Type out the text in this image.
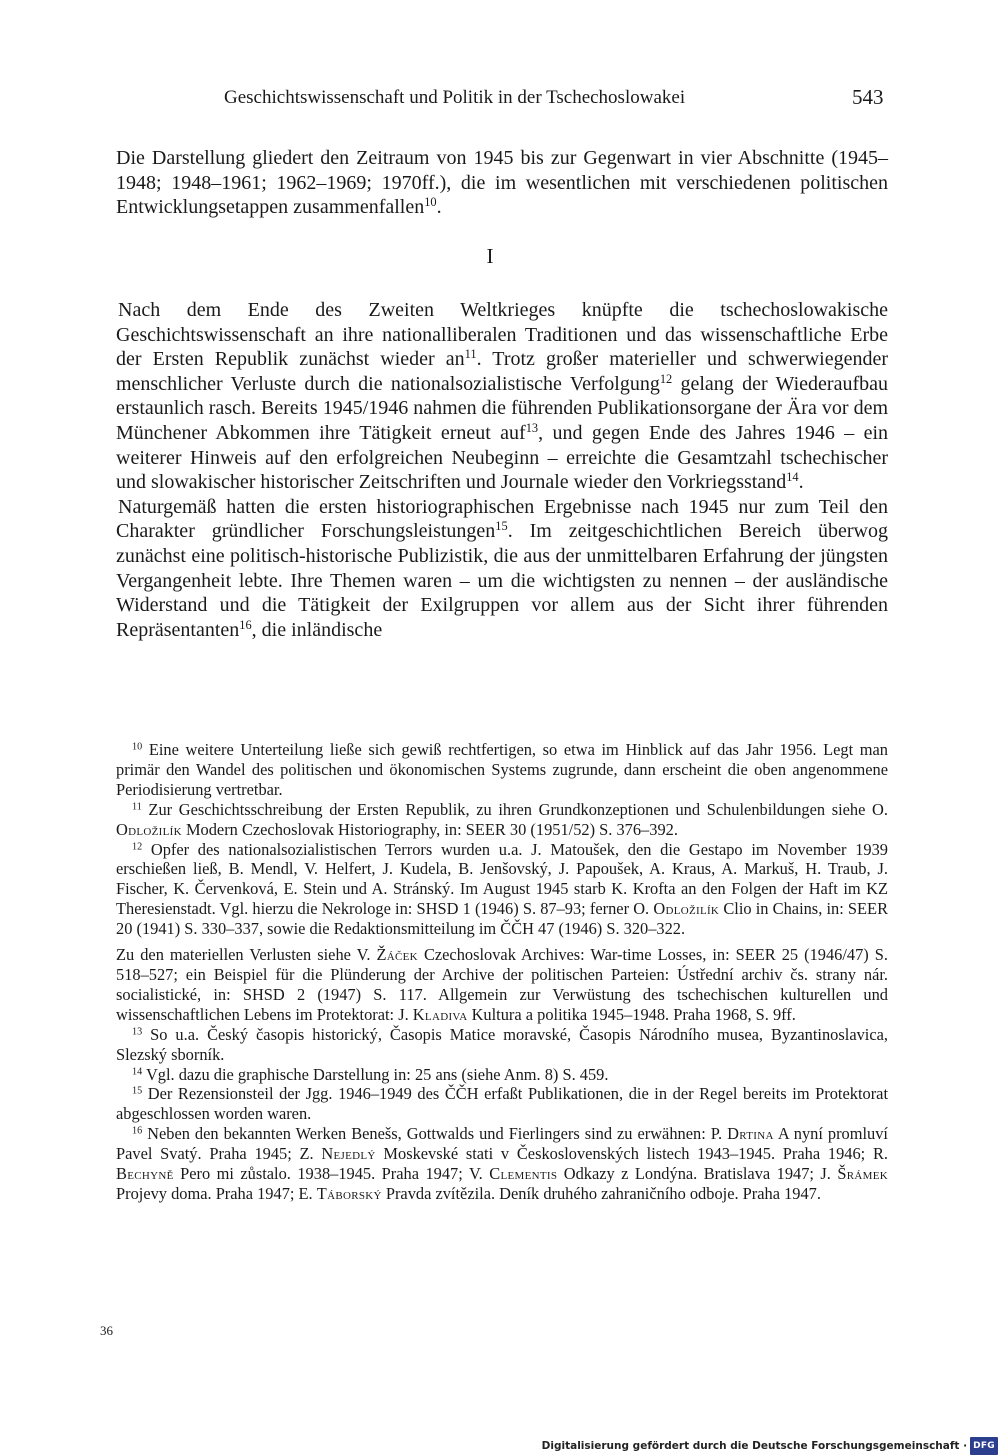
Geschichtswissenschaft und Politik in der Tschechoslowakei	543

Die Darstellung gliedert den Zeitraum von 1945 bis zur Gegenwart in vier Abschnitte (1945–1948; 1948–1961; 1962–1969; 1970ff.), die im wesentlichen mit verschiedenen politischen Entwicklungsetappen zusammenfallen$^{10}$.

I

Nach dem Ende des Zweiten Weltkrieges knüpfte die tschechoslowakische Geschichtswissenschaft an ihre nationalliberalen Traditionen und das wissenschaftliche Erbe der Ersten Republik zunächst wieder $an^{11}$. Trotz großer materieller und schwerwiegender menschlicher Verluste durch die nationalsozialistische Verfolgung$^{12}$ gelang der Wiederaufbau erstaunlich rasch. Bereits 1945/1946 nahmen die führenden Publikationsorgane der Ära vor dem Münchener Abkommen ihre Tätigkeit erneut auf$^{13}$, und gegen Ende des Jahres 1946 – ein weiterer Hinweis auf den erfolgreichen Neubeginn – erreichte die Gesamtzahl tschechischer und slowakischer historischer Zeitschriften und Journale wieder den Vorkriegsstand$^{14}$.

Naturgemäß hatten die ersten historiographischen Ergebnisse nach 1945 nur zum Teil den Charakter gründlicher Forschungsleistungen$^{15}$. Im zeitgeschichtlichen Bereich überwog zunächst eine politisch-historische Publizistik, die aus der unmittelbaren Erfahrung der jüngsten Vergangenheit lebte. Ihre Themen waren – um die wichtigsten zu nennen – der ausländische Widerstand und die Tätigkeit der Exilgruppen vor allem aus der Sicht ihrer führenden Repräsentanten$^{16}$, die inländische

$^{10}$ Eine weitere Unterteilung ließe sich gewiß rechtfertigen, so etwa im Hinblick auf das Jahr 1956. Legt man primär den Wandel des politischen und ökonomischen Systems zugrunde, dann erscheint die oben angenommene Periodisierung vertretbar.

$^{11}$ Zur Geschichtsschreibung der Ersten Republik, zu ihren Grundkonzeptionen und Schulenbildungen siehe O. Odložilík Modern Czechoslovak Historiography, in: SEER 30 (1951/52) S. 376–392.

$^{12}$ Opfer des nationalsozialistischen Terrors wurden u.a. J. Matoušek, den die Gestapo im November 1939 erschießen ließ, B. Mendl, V. Helfert, J. Kudela, B. Jenšovský, J. Papoušek, A. Kraus, A. Markuš, H. Traub, J. Fischer, K. Červenková, E. Stein und A. Stránský. Im August 1945 starb K. Krofta an den Folgen der Haft im KZ Theresienstadt. Vgl. hierzu die Nekrologe in: SHSD 1 (1946) S. 87–93; ferner O. Odložilík Clio in Chains, in: SEER 20 (1941) S. 330–337, sowie die Redaktionsmitteilung im ČČH 47 (1946) S. 320–322.

Zu den materiellen Verlusten siehe V. Žáček Czechoslovak Archives: War-time Losses, in: SEER 25 (1946/47) S. 518–527; ein Beispiel für die Plünderung der Archive der politischen Parteien: Ústřední archiv čs. strany nár. socialistické, in: SHSD 2 (1947) S. 117. Allgemein zur Verwüstung des tschechischen kulturellen und wissenschaftlichen Lebens im Protektorat: J. Kladiva Kultura a politika 1945–1948. Praha 1968, S. 9ff.

$^{13}$ So u.a. Český časopis historický, Časopis Matice moravské, Časopis Národního musea, Byzantinoslavica, Slezský sborník.

$^{14}$ Vgl. dazu die graphische Darstellung in: 25 ans (siehe Anm. 8) S. 459.

$^{15}$ Der Rezensionsteil der Jgg. 1946–1949 des ČČH erfaßt Publikationen, die in der Regel bereits im Protektorat abgeschlossen worden waren.

$^{16}$ Neben den bekannten Werken Benešs, Gottwalds und Fierlingers sind zu erwähnen: P. Drtina A nyní promluví Pavel Svatý. Praha 1945; Z. Nejedlý Moskevské stati v Československých listech 1943–1945. Praha 1946; R. Bechyně Pero mi zůstalo. 1938–1945. Praha 1947; V. Clementis Odkazy z Londýna. Bratislava 1947; J. Šrámek Projevy doma. Praha 1947; E. Táborský Pravda zvítězila. Deník druhého zahraničního odboje. Praha 1947.

36
Digitalisierung gefördert durch die Deutsche Forschungsgemeinschaft · DFG
